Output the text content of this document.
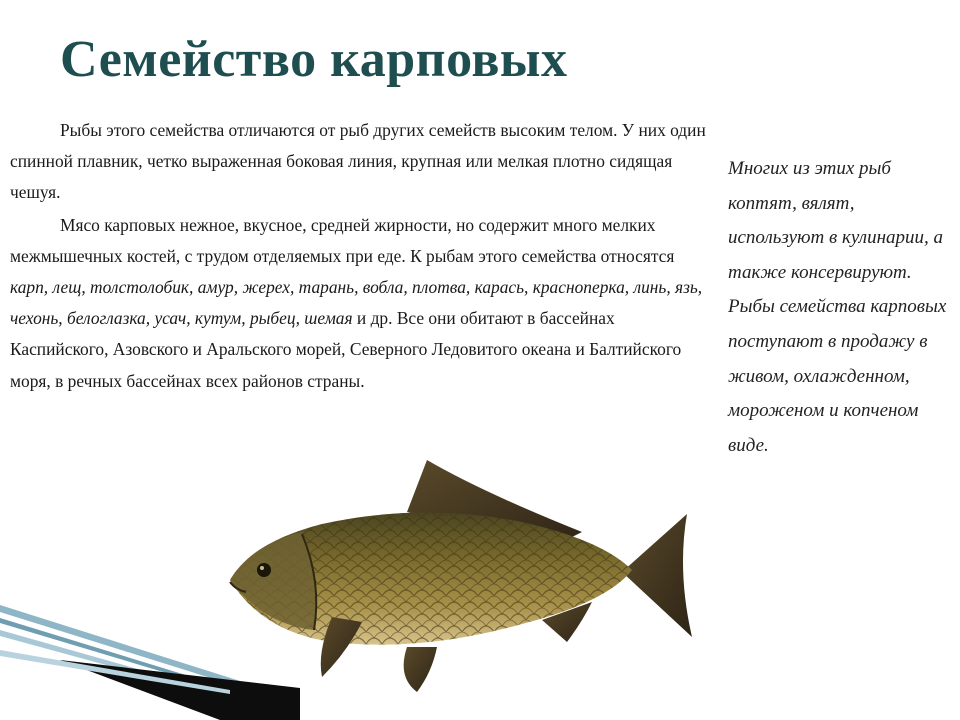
Семейство карповых

Рыбы этого семейства отличаются от рыб других семейств высоким телом. У них один спинной плавник, четко выраженная боковая линия, крупная или мелкая плотно сидящая чешуя.

Мясо карповых нежное, вкусное, средней жирности, но содержит много мелких межмышечных костей, с трудом отделяемых при еде. К рыбам этого семейства относятся карп, лещ, толстолобик, амур, жерех, тарань, вобла, плотва, карась, красноперка, линь, язь, чехонь, белоглазка, усач, кутум, рыбец, шемая и др. Все они обитают в бассейнах Каспийского, Азовского и Аральского морей, Северного Ледовитого океана и Балтийского моря, в речных бассейнах всех районов страны.

Многих из этих рыб коптят, вялят, используют в кулинарии, а также консервируют. Рыбы семейства карповых поступают в продажу в живом, охлажденном, мороженом и копченом виде.
